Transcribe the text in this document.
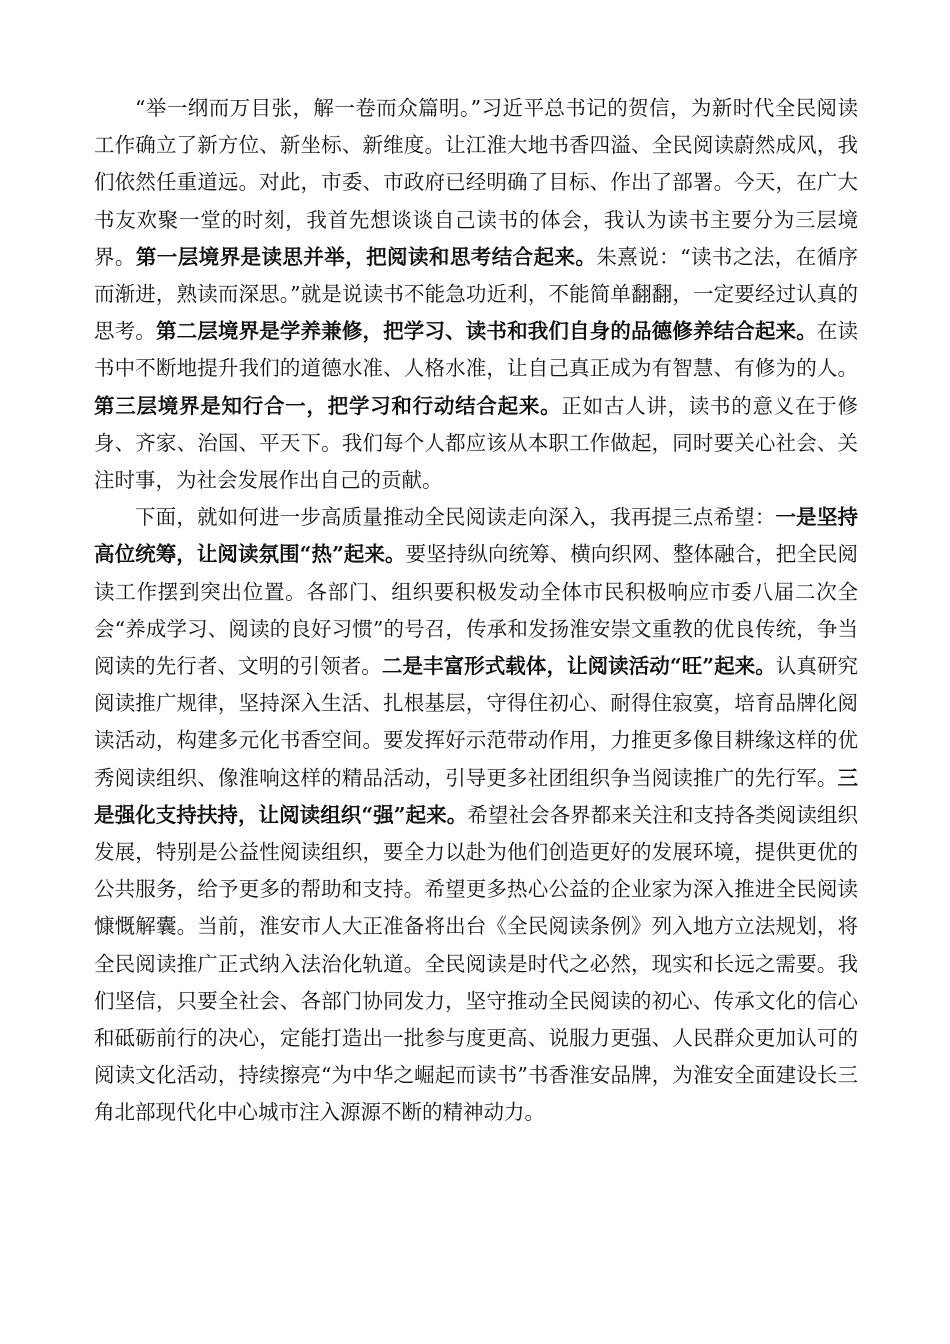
“举一纲而万目张，解一卷而众篇明。”习近平总书记的贺信，为新时代全民阅读工作确立了新方位、新坐标、新维度。让江淮大地书香四溢、全民阅读蔚然成风，我们依然任重道远。对此，市委、市政府已经明确了目标、作出了部署。今天，在广大书友欢聚一堂的时刻，我首先想谈谈自己读书的体会，我认为读书主要分为三层境界。第一层境界是读思并举，把阅读和思考结合起来。朱熹说：“读书之法，在循序而渐进，熟读而深思。”就是说读书不能急功近利，不能简单翻翻，一定要经过认真的思考。第二层境界是学养兼修，把学习、读书和我们自身的品德修养结合起来。在读书中不断地提升我们的道德水准、人格水准，让自己真正成为有智慧、有修为的人。第三层境界是知行合一，把学习和行动结合起来。正如古人讲，读书的意义在于修身、齐家、治国、平天下。我们每个人都应该从本职工作做起，同时要关心社会、关注时事，为社会发展作出自己的贡献。

下面，就如何进一步高质量推动全民阅读走向深入，我再提三点希望：一是坚持高位统筹，让阅读氛围“热”起来。要坚持纵向统筹、横向织网、整体融合，把全民阅读工作摆到突出位置。各部门、组织要积极发动全体市民积极响应市委八届二次全会“养成学习、阅读的良好习惯”的号召，传承和发扬淮安崇文重教的优良传统，争当阅读的先行者、文明的引领者。二是丰富形式载体，让阅读活动“旺”起来。认真研究阅读推广规律，坚持深入生活、扎根基层，守得住初心、耐得住寂寞，培育品牌化阅读活动，构建多元化书香空间。要发挥好示范带动作用，力推更多像目耕缘这样的优秀阅读组织、像淮响这样的精品活动，引导更多社团组织争当阅读推广的先行军。三是强化支持扶持，让阅读组织“强”起来。希望社会各界都来关注和支持各类阅读组织发展，特别是公益性阅读组织，要全力以赴为他们创造更好的发展环境，提供更优的公共服务，给予更多的帮助和支持。希望更多热心公益的企业家为深入推进全民阅读慷慨解囊。当前，淮安市人大正准备将出台《全民阅读条例》列入地方立法规划，将全民阅读推广正式纳入法治化轨道。全民阅读是时代之必然，现实和长远之需要。我们坚信，只要全社会、各部门协同发力，坚守推动全民阅读的初心、传承文化的信心和砥砺前行的决心，定能打造出一批参与度更高、说服力更强、人民群众更加认可的阅读文化活动，持续擦亮“为中华之崛起而读书”书香淮安品牌，为淮安全面建设长三角北部现代化中心城市注入源源不断的精神动力。
